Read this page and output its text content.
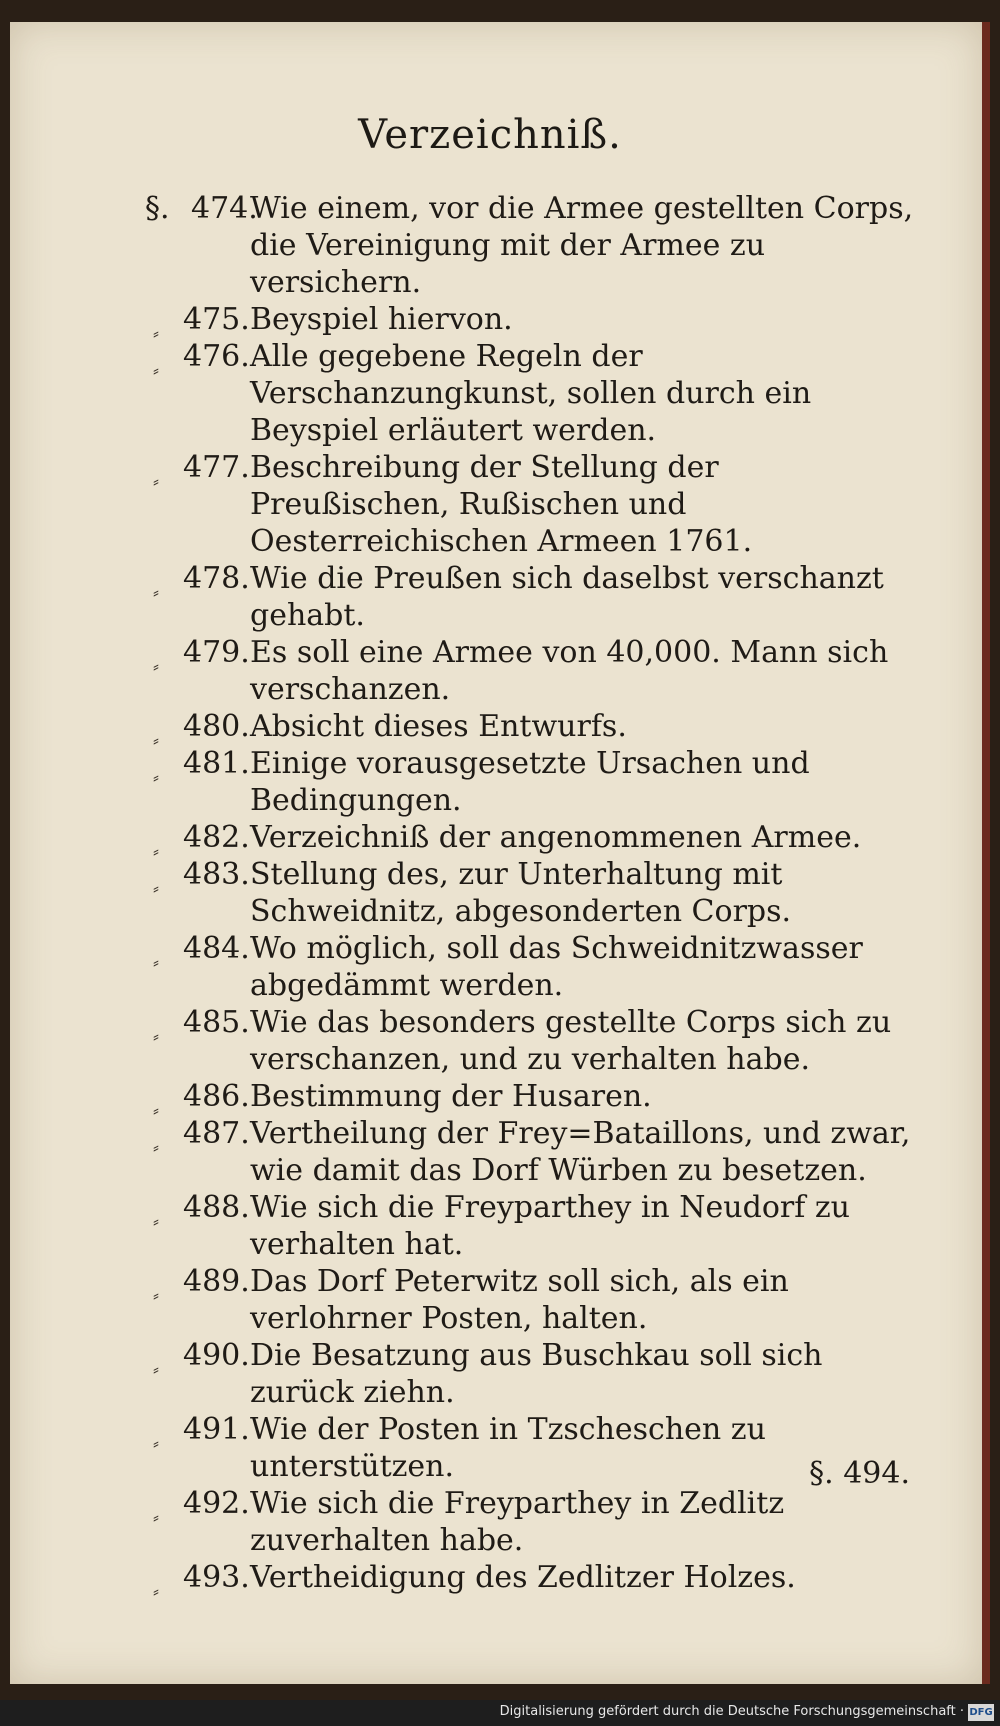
Verzeichniß.
§. 474.
Wie einem, vor die Armee gestellten Corps, die Vereinigung mit der Armee zu versichern.
⸗ 475. Beyspiel hiervon.
⸗ 476. Alle gegebene Regeln der Verschanzungkunst, sollen durch ein Beyspiel erläutert werden.
⸗ 477. Beschreibung der Stellung der Preußischen, Rußischen und Oesterreichischen Armeen 1761.
⸗ 478. Wie die Preußen sich daselbst verschanzt gehabt.
⸗ 479. Es soll eine Armee von 40,000. Mann sich verschanzen.
⸗ 480. Absicht dieses Entwurfs.
⸗ 481. Einige vorausgesetzte Ursachen und Bedingungen.
⸗ 482. Verzeichniß der angenommenen Armee.
⸗ 483. Stellung des, zur Unterhaltung mit Schweidnitz, abgesonderten Corps.
⸗ 484. Wo möglich, soll das Schweidnitzwasser abgedämmt werden.
⸗ 485. Wie das besonders gestellte Corps sich zu verschanzen, und zu verhalten habe.
⸗ 486. Bestimmung der Husaren.
⸗ 487. Vertheilung der Frey=Bataillons, und zwar, wie damit das Dorf Würben zu besetzen.
⸗ 488. Wie sich die Freyparthey in Neudorf zu verhalten hat.
⸗ 489. Das Dorf Peterwitz soll sich, als ein verlohrner Posten, halten.
⸗ 490. Die Besatzung aus Buschkau soll sich zurück ziehn.
⸗ 491. Wie der Posten in Tzscheschen zu unterstützen.
⸗ 492. Wie sich die Freyparthey in Zedlitz zuverhalten habe.
⸗ 493. Vertheidigung des Zedlitzer Holzes.
§. 494.
Digitalisierung gefördert durch die Deutsche Forschungsgemeinschaft · DFG
